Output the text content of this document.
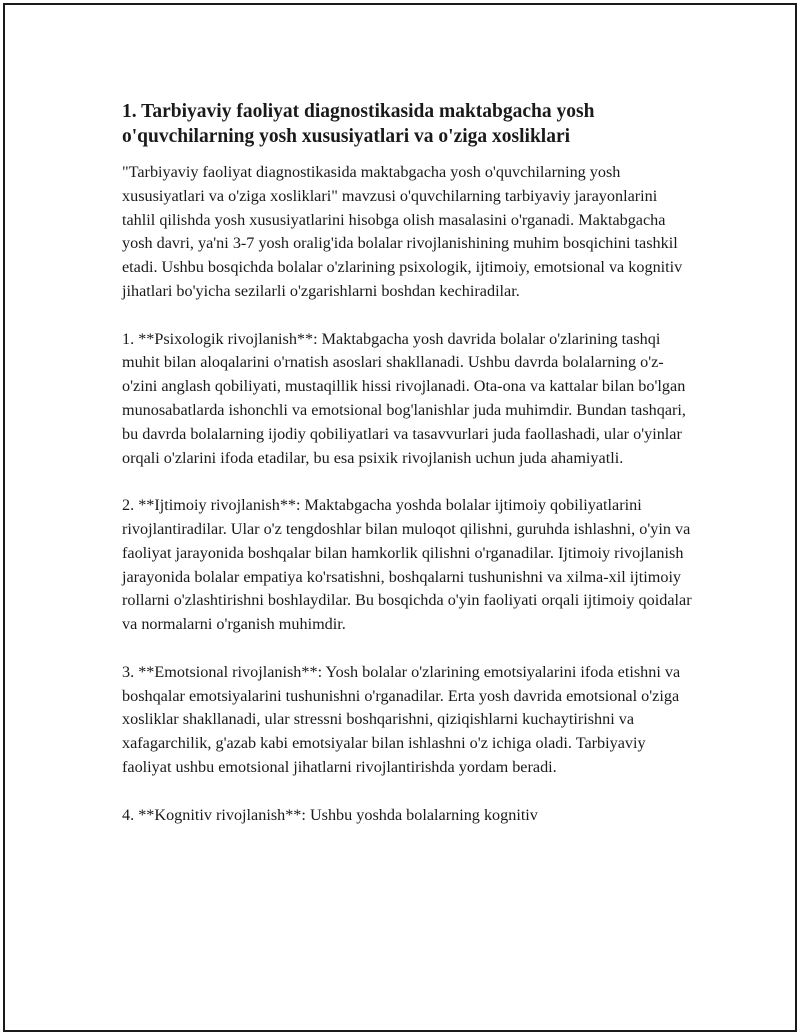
1. Tarbiyaviy faoliyat diagnostikasida maktabgacha yosh o'quvchilarning yosh xususiyatlari va o'ziga xosliklari

"Tarbiyaviy faoliyat diagnostikasida maktabgacha yosh o'quvchilarning yosh xususiyatlari va o'ziga xosliklari" mavzusi o'quvchilarning tarbiyaviy jarayonlarini tahlil qilishda yosh xususiyatlarini hisobga olish masalasini o'rganadi. Maktabgacha yosh davri, ya'ni 3-7 yosh oralig'ida bolalar rivojlanishining muhim bosqichini tashkil etadi. Ushbu bosqichda bolalar o'zlarining psixologik, ijtimoiy, emotsional va kognitiv jihatlari bo'yicha sezilarli o'zgarishlarni boshdan kechiradilar.

1. **Psixologik rivojlanish**: Maktabgacha yosh davrida bolalar o'zlarining tashqi muhit bilan aloqalarini o'rnatish asoslari shakllanadi. Ushbu davrda bolalarning o'z-o'zini anglash qobiliyati, mustaqillik hissi rivojlanadi. Ota-ona va kattalar bilan bo'lgan munosabatlarda ishonchli va emotsional bog'lanishlar juda muhimdir. Bundan tashqari, bu davrda bolalarning ijodiy qobiliyatlari va tasavvurlari juda faollashadi, ular o'yinlar orqali o'zlarini ifoda etadilar, bu esa psixik rivojlanish uchun juda ahamiyatli.

2. **Ijtimoiy rivojlanish**: Maktabgacha yoshda bolalar ijtimoiy qobiliyatlarini rivojlantiradilar. Ular o'z tengdoshlar bilan muloqot qilishni, guruhda ishlashni, o'yin va faoliyat jarayonida boshqalar bilan hamkorlik qilishni o'rganadilar. Ijtimoiy rivojlanish jarayonida bolalar empatiya ko'rsatishni, boshqalarni tushunishni va xilma-xil ijtimoiy rollarni o'zlashtirishni boshlaydilar. Bu bosqichda o'yin faoliyati orqali ijtimoiy qoidalar va normalarni o'rganish muhimdir.

3. **Emotsional rivojlanish**: Yosh bolalar o'zlarining emotsiyalarini ifoda etishni va boshqalar emotsiyalarini tushunishni o'rganadilar. Erta yosh davrida emotsional o'ziga xosliklar shakllanadi, ular stressni boshqarishni, qiziqishlarni kuchaytirishni va xafagarchilik, g'azab kabi emotsiyalar bilan ishlashni o'z ichiga oladi. Tarbiyaviy faoliyat ushbu emotsional jihatlarni rivojlantirishda yordam beradi.

4. **Kognitiv rivojlanish**: Ushbu yoshda bolalarning kognitiv
